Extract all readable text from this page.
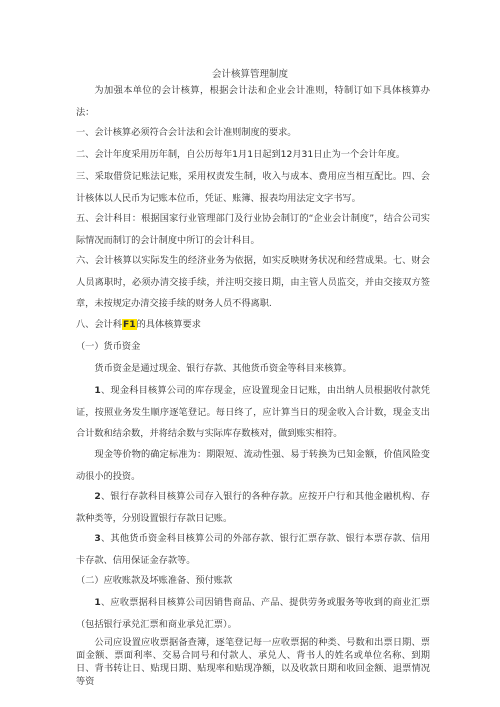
会计核算管理制度
为加强本单位的会计核算，根据会计法和企业会计准则，特制订如下具体核算办法：
一、会计核算必须符合会计法和会计准则制度的要求。
二、会计年度采用历年制，自公历每年1月1日起到12月31日止为一个会计年度。
三、采取借贷记账法记账，采用权责发生制，收入与成本、费用应当相互配比。四、会计核体以人民币为记账本位币，凭证、账簿、报表均用法定文字书写。
五、会计科目：根据国家行业管理部门及行业协会制订的“企业会计制度”，结合公司实际情况而制订的会计制度中所订的会计科目。
六、会计核算以实际发生的经济业务为依据，如实反映财务状况和经营成果。七、财会人员离职时，必须办清交接手续，并注明交接日期，由主管人员监交，并由交接双方签章，未按规定办清交接手续的财务人员不得离职.
八、会计科F1的具体核算要求
（一）货币资金
货币资金是通过现金、银行存款、其他货币资金等科目来核算。
1、现金科目核算公司的库存现金，应设置现金日记账，由出纳人员根据收付款凭证，按照业务发生顺序逐笔登记。每日终了，应计算当日的现金收入合计数，现金支出合计数和结余数，并将结余数与实际库存数核对，做到账实相符。
现金等价物的确定标准为：期限短、流动性强、易于转换为已知金额，价值风险变动很小的投资。
2、银行存款科目核算公司存入银行的各种存款。应按开户行和其他金融机构、存款种类等，分别设置银行存款日记账。
3、其他货币资金科目核算公司的外部存款、银行汇票存款、银行本票存款、信用卡存款、信用保证金存款等。
（二）应收账款及坏账准备、预付账款
1、应收票据科目核算公司因销售商品、产品、提供劳务或服务等收到的商业汇票（包括银行承兑汇票和商业承兑汇票）。
公司应设置应收票据备查簿，逐笔登记每一应收票据的种类、号数和出票日期、票面金额、票面利率、交易合同号和付款人、承兑人、背书人的姓名或单位名称、到期日、背书转让日、贴现日期、贴现率和贴现净额，以及收款日期和收回金额、退票情况等资
